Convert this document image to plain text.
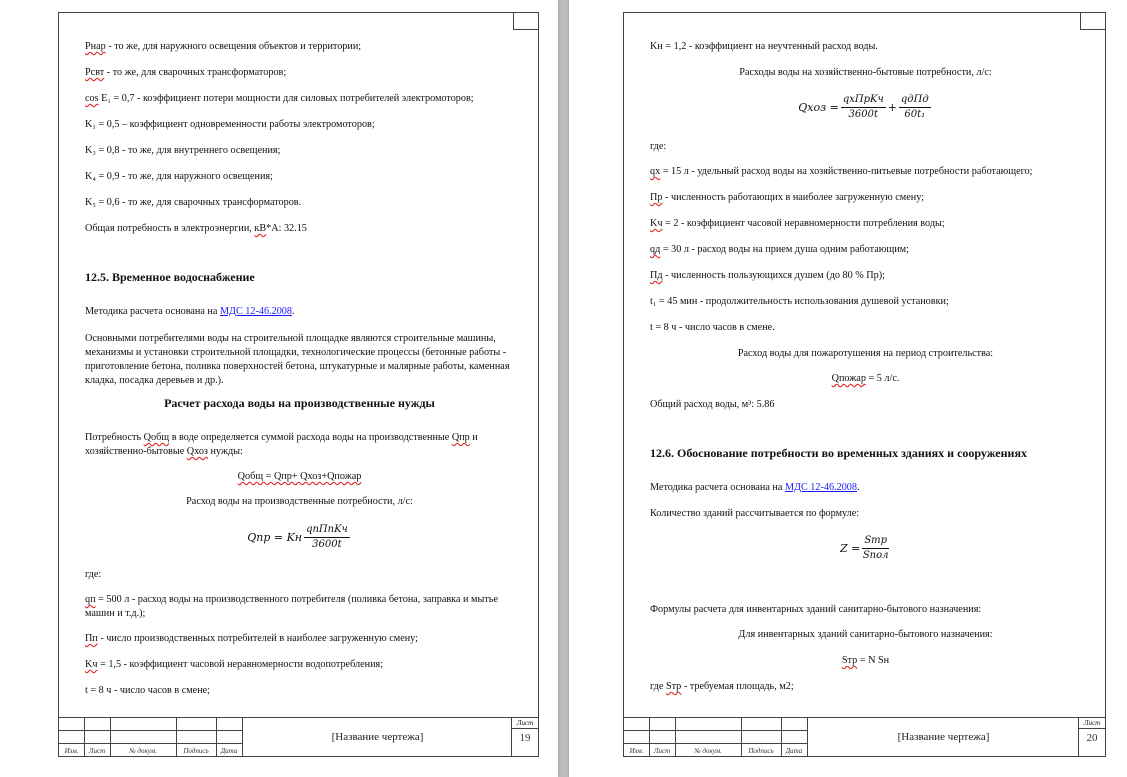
Рнар - то же, для наружного освещения объектов и территории;

Рсвт - то же, для сварочных трансформаторов;

cos E₁ = 0,7 - коэффициент потери мощности для силовых потребителей электромоторов;

K₁ = 0,5 – коэффициент одновременности работы электромоторов;

K₃ = 0,8 - то же, для внутреннего освещения;

K₄ = 0,9 - то же, для наружного освещения;

K₅ = 0,6 - то же, для сварочных трансформаторов.

Общая потребность в электроэнергии, кВ*А: 32.15

12.5. Временное водоснабжение

Методика расчета основана на МДС 12-46.2008.

Основными потребителями воды на строительной площадке являются строительные машины, механизмы и установки строительной площадки, технологические процессы (бетонные работы - приготовление бетона, поливка поверхностей бетона, штукатурные и малярные работы, каменная кладка, посадка деревьев и др.).

Расчет расхода воды на производственные нужды

Потребность Qобщ в воде определяется суммой расхода воды на производственные Qпр и хозяйственно-бытовые Qхоз нужды:

Qобщ = Qпр+ Qхоз+Qпожар

Расход воды на производственные потребности, л/с:

Qпр = Kн $\frac{\text{qпПпKч}}{3600t}$

где:

qп = 500 л - расход воды на производственного потребителя (поливка бетона, заправка и мытье машин и т.д.);

Пп - число производственных потребителей в наиболее загруженную смену;

Kч = 1,5 - коэффициент часовой неравномерности водопотребления;

t = 8 ч - число часов в смене;

Изм.	Лист	№ докум.	Подпись	Дата
[Название чертежа]
Лист
19

Kн = 1,2 - коэффициент на неучтенный расход воды.

Расходы воды на хозяйственно-бытовые потребности, л/с:

Qхоз = $\frac{\text{qхПрKч}}{3600t} + \frac{\text{qдПд}}{\text{60t₁}}$

где:

qх = 15 л - удельный расход воды на хозяйственно-питьевые потребности работающего;

Пр - численность работающих в наиболее загруженную смену;

Kч = 2 - коэффициент часовой неравномерности потребления воды;

qд = 30 л - расход воды на прием душа одним работающим;

Пд - численность пользующихся душем (до 80 % Пр);

t₁ = 45 мин - продолжительность использования душевой установки;

t = 8 ч - число часов в смене.

Расход воды для пожаротушения на период строительства:

Qпожар = 5 л/с.

Общий расход воды, м³: 5.86

12.6. Обоснование потребности во временных зданиях и сооружениях

Методика расчета основана на МДС 12-46.2008.

Количество зданий рассчитывается по формуле:

$Z = \frac{\text{Sтр}}{\text{Sпол}}$

Формулы расчета для инвентарных зданий санитарно-бытового назначения:

Для инвентарных зданий санитарно-бытового назначения:

Sтр = N Sн

где Sтр - требуемая площадь, м2;

Изм.	Лист	№ докум.	Подпись	Дата
[Название чертежа]
Лист
20
